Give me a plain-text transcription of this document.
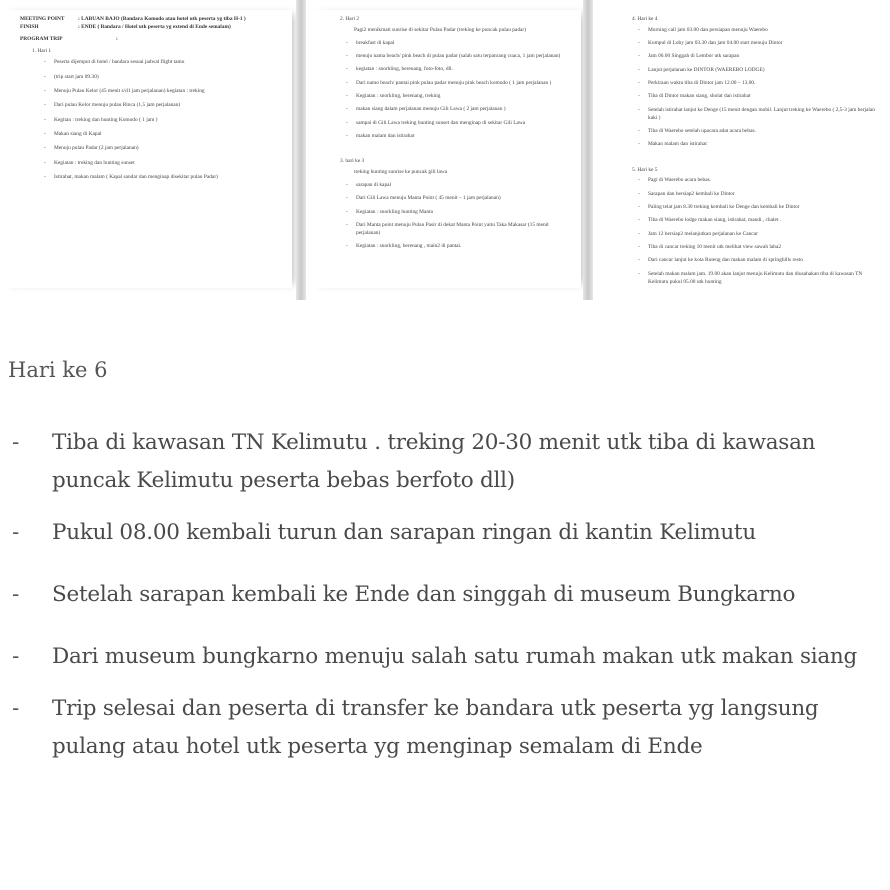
MEETING POINT	: LABUAN BAJO (Bandara Komodo atau hotel utk peserta yg tiba H-1 )
FINISH	: ENDE ( Bandara / Hotel utk peserta yg extend di Ende semalam)
PROGRAM TRIP	:
1. Hari 1
- Peserta dijemput di hotel / bandara sesuai jadwal flight tamu
- (trip start jam 09.30)
- Menuju Pulau Kelor (45 menit s/d1 jam perjalanan) kegiatan : treking
- Dari pulau Kelor menuju pulau Rinca (1,5 jam perjalanan)
- Kegitan : treking dan hunting Komodo ( 1 jam )
- Makan siang di Kapal
- Menuju pulau Padar (2 jam perjalanan)
- Kegiatan : treking dan hunting sunset
- Istirahat, makan malam ( Kapal sandar dan menginap disekitar pulau Padar)
2. Hari 2
Pagi2 menikmati sunrise di sekitar Pulau Padar (treking ke puncak pulau padar)
- breakfast di kapal
- menuju nama beach/ pink beach di pulau padar (salah satu terpanrang cuaca, 1 jam perjalanan)
- kegiatan : snorkling, berenang, foto-foto, dll.
- Dari namo beach/ pantai pink pulau padar menuju pink beach komodo ( 1 jam perjalanan )
- Kegiatan : snorkling, berenang, treking
- makan siang dalam perjalanan menuju Gili Lawa ( 2 jam perjalanan )
- sampai di Gili Lawa treking hunting sunset dan menginap di sekitar Gili Lawa
- makan malam dan istirahat
3. hari ke 3
treking hunting sunrise ke puncak gili lawa
- sarapan di kapal
- Dari Gili Lawa menuju Manta Point ( 45 menit – 1 jam perjalanan)
- Kegiatan : snorkling hunting Manta
- Dari Manta point menuju Pulau Pasir di dekat Manta Point yaitu Taka Makasar (15 menit perjalanan)
- Kegiatan : snorkling, berenang , main2 di pantai.
4. Hari ke 4
- Morning call jam 03.00 dan persiapan menuju Waerebo
- Kumpul di Loby jam 03.30 dan jam 04.00 start menuju Dintor
- Jam 06.00 Singgah di Lembor utk sarapan
- Lanjut perjalanan ke DINTOR (WAEREBO LODGE)
- Perkiraan waktu tiba di Dintor jam 12.00 – 13.00.
- Tiba di Dintor makan siang, sholat dan istirahat
- Setelah istirahat lanjut ke Denge (15 menit dengan mobil. Lanjut treking ke Waerebo ( 2,5-3 jam berjalan kaki )
- Tiba di Waerebo setelah upacara adat acara bebas.
- Makan malam dan istirahat
5. Hari ke 5
- Pagi di Waerebo acara bebas.
- Sarapan dan bersiap2 kembali ke Dintor
- Paling telat jam 8.30 treking kembali ke Denge dan kembali ke Dintor
- Tiba di Waerebo lodge makan siang, istirahat, mandi , chalet .
- Jam 12 bersiap2 melanjutkan perjalanan ke Cancar
- Tiba di cancar treking 10 menit utk melihat view sawah laba2
- Dari cancar lanjut ke kota Ruteng dan makan malam di springhills resto
- Setelah makan malam jam. 19.00 akan lanjut menuju Kelimutu dan diusahakan tiba di kawasan TN Kelimutu pukul 05.00 utk hunting
Hari ke 6
- Tiba di kawasan TN Kelimutu . treking 20-30 menit utk tiba di kawasan puncak Kelimutu peserta bebas berfoto dll)
- Pukul 08.00 kembali turun dan sarapan ringan di kantin Kelimutu
- Setelah sarapan kembali ke Ende dan singgah di museum Bungkarno
- Dari museum bungkarno menuju salah satu rumah makan utk makan siang
- Trip selesai dan peserta di transfer ke bandara utk peserta yg langsung pulang atau hotel utk peserta yg menginap semalam di Ende
